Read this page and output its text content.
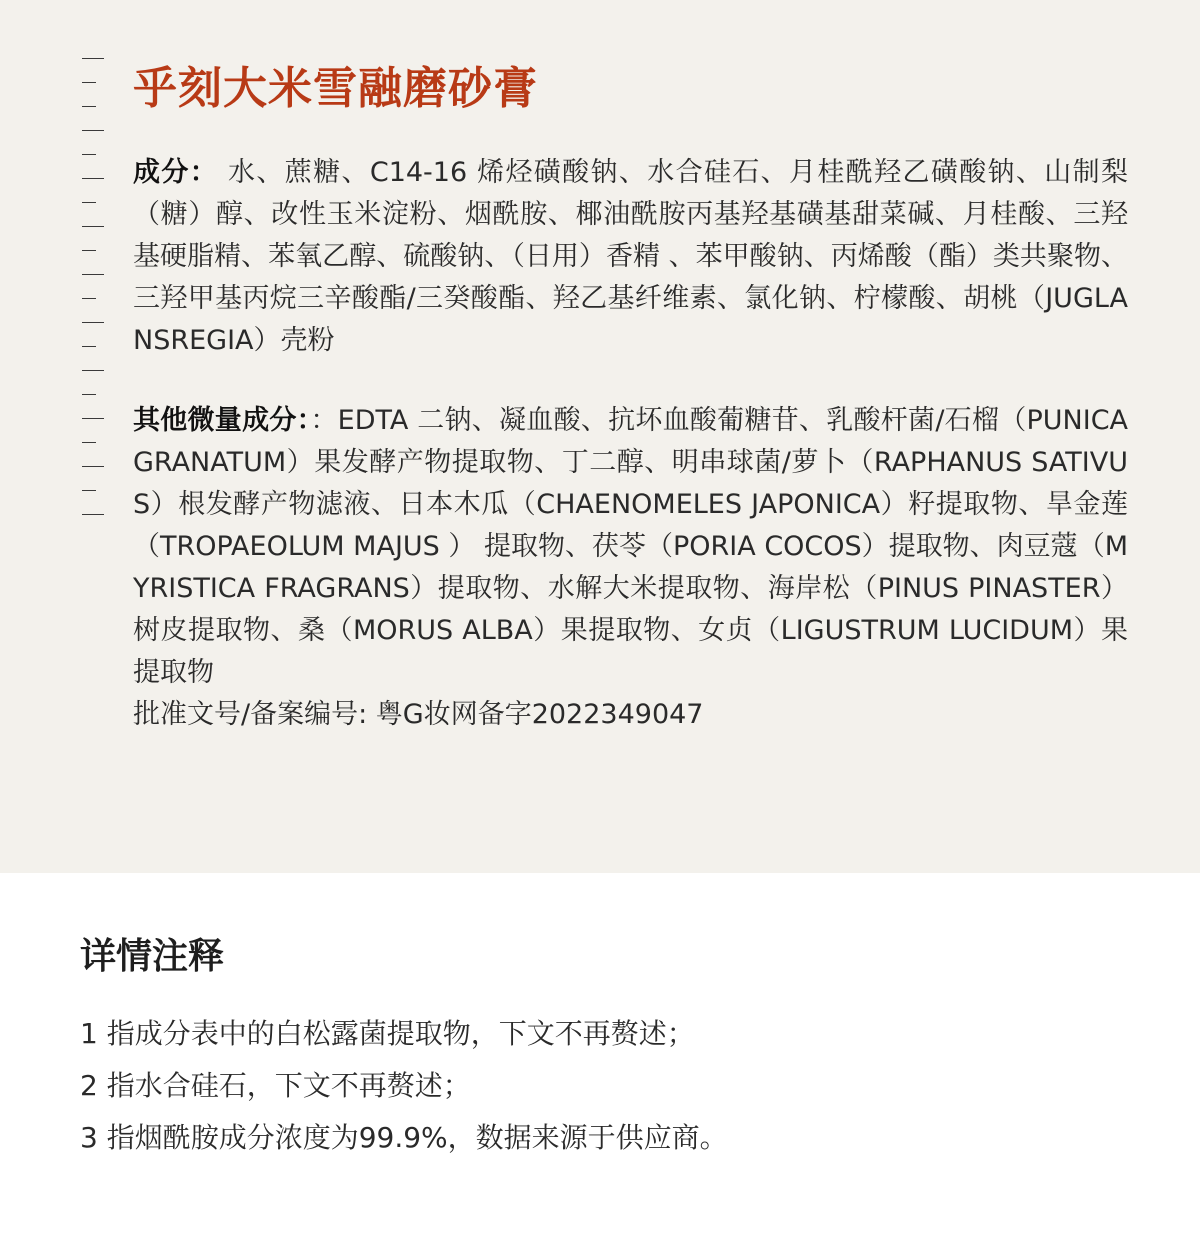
乎刻大米雪融磨砂膏
成分： 水、蔗糖、C14-16 烯烃磺酸钠、水合硅石、月桂酰羟乙磺酸钠、山制梨（糖）醇、改性玉米淀粉、烟酰胺、椰油酰胺丙基羟基磺基甜菜碱、月桂酸、三羟基硬脂精、苯氧乙醇、硫酸钠、（日用）香精 、苯甲酸钠、丙烯酸（酯）类共聚物、三羟甲基丙烷三辛酸酯/三癸酸酯、羟乙基纤维素、氯化钠、柠檬酸、胡桃（JUGLANSREGIA）壳粉
其他微量成分：：EDTA 二钠、凝血酸、抗坏血酸葡糖苷、乳酸杆菌/石榴（PUNICA GRANATUM）果发酵产物提取物、丁二醇、明串球菌/萝卜（RAPHANUS SATIVUS）根发酵产物滤液、日本木瓜（CHAENOMELES JAPONICA）籽提取物、旱金莲（TROPAEOLUM MAJUS ） 提取物、茯苓（PORIA COCOS）提取物、肉豆蔻（MYRISTICA FRAGRANS）提取物、水解大米提取物、海岸松（PINUS PINASTER）树皮提取物、桑（MORUS ALBA）果提取物、女贞（LIGUSTRUM LUCIDUM）果提取物
批准文号/备案编号: 粤G妆网备字2022349047
详情注释
1 指成分表中的白松露菌提取物，下文不再赘述；
2 指水合硅石，下文不再赘述；
3 指烟酰胺成分浓度为99.9%，数据来源于供应商。
